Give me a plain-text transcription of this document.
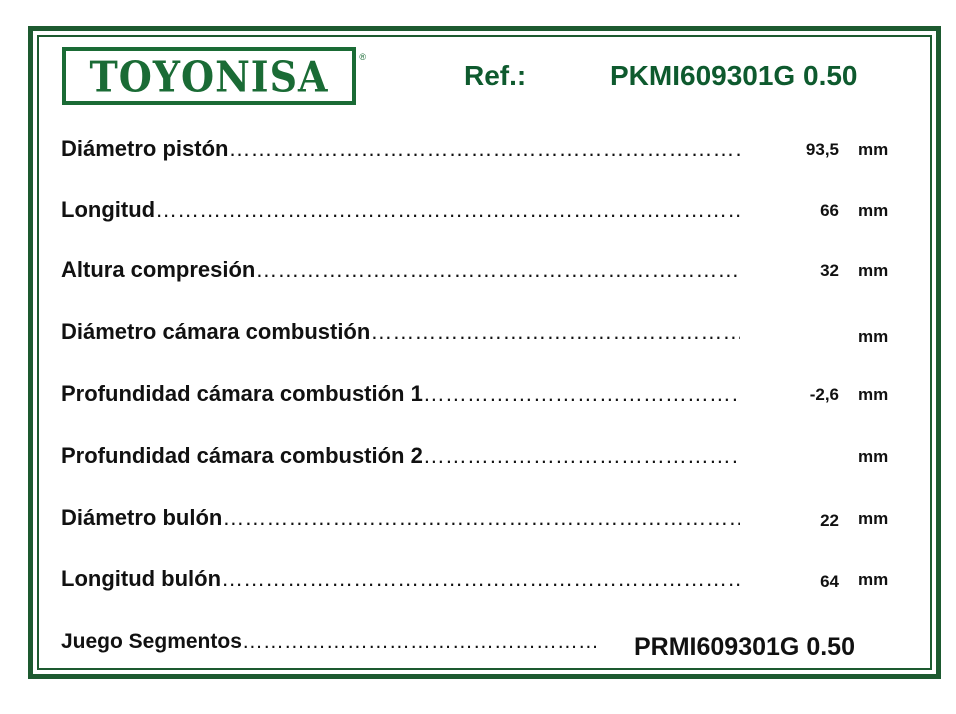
TOYONISA	®
Ref.:	PKMI609301G 0.50
Diámetro pistón ………………………………………………………………………………………………………………	93,5 mm
Longitud ………………………………………………………………………………………………………………	66 mm
Altura compresión ………………………………………………………………………………………………………………	32 mm
Diámetro cámara combustión ………………………………………………………………………………………………………………	mm
Profundidad cámara combustión 1 ………………………………………………………………………………………………………………	-2,6 mm
Profundidad cámara combustión 2 ………………………………………………………………………………………………………………	mm
Diámetro bulón ………………………………………………………………………………………………………………	22 mm
Longitud bulón ………………………………………………………………………………………………………………	64 mm
Juego Segmentos ………………………………………………………………	PRMI609301G 0.50
